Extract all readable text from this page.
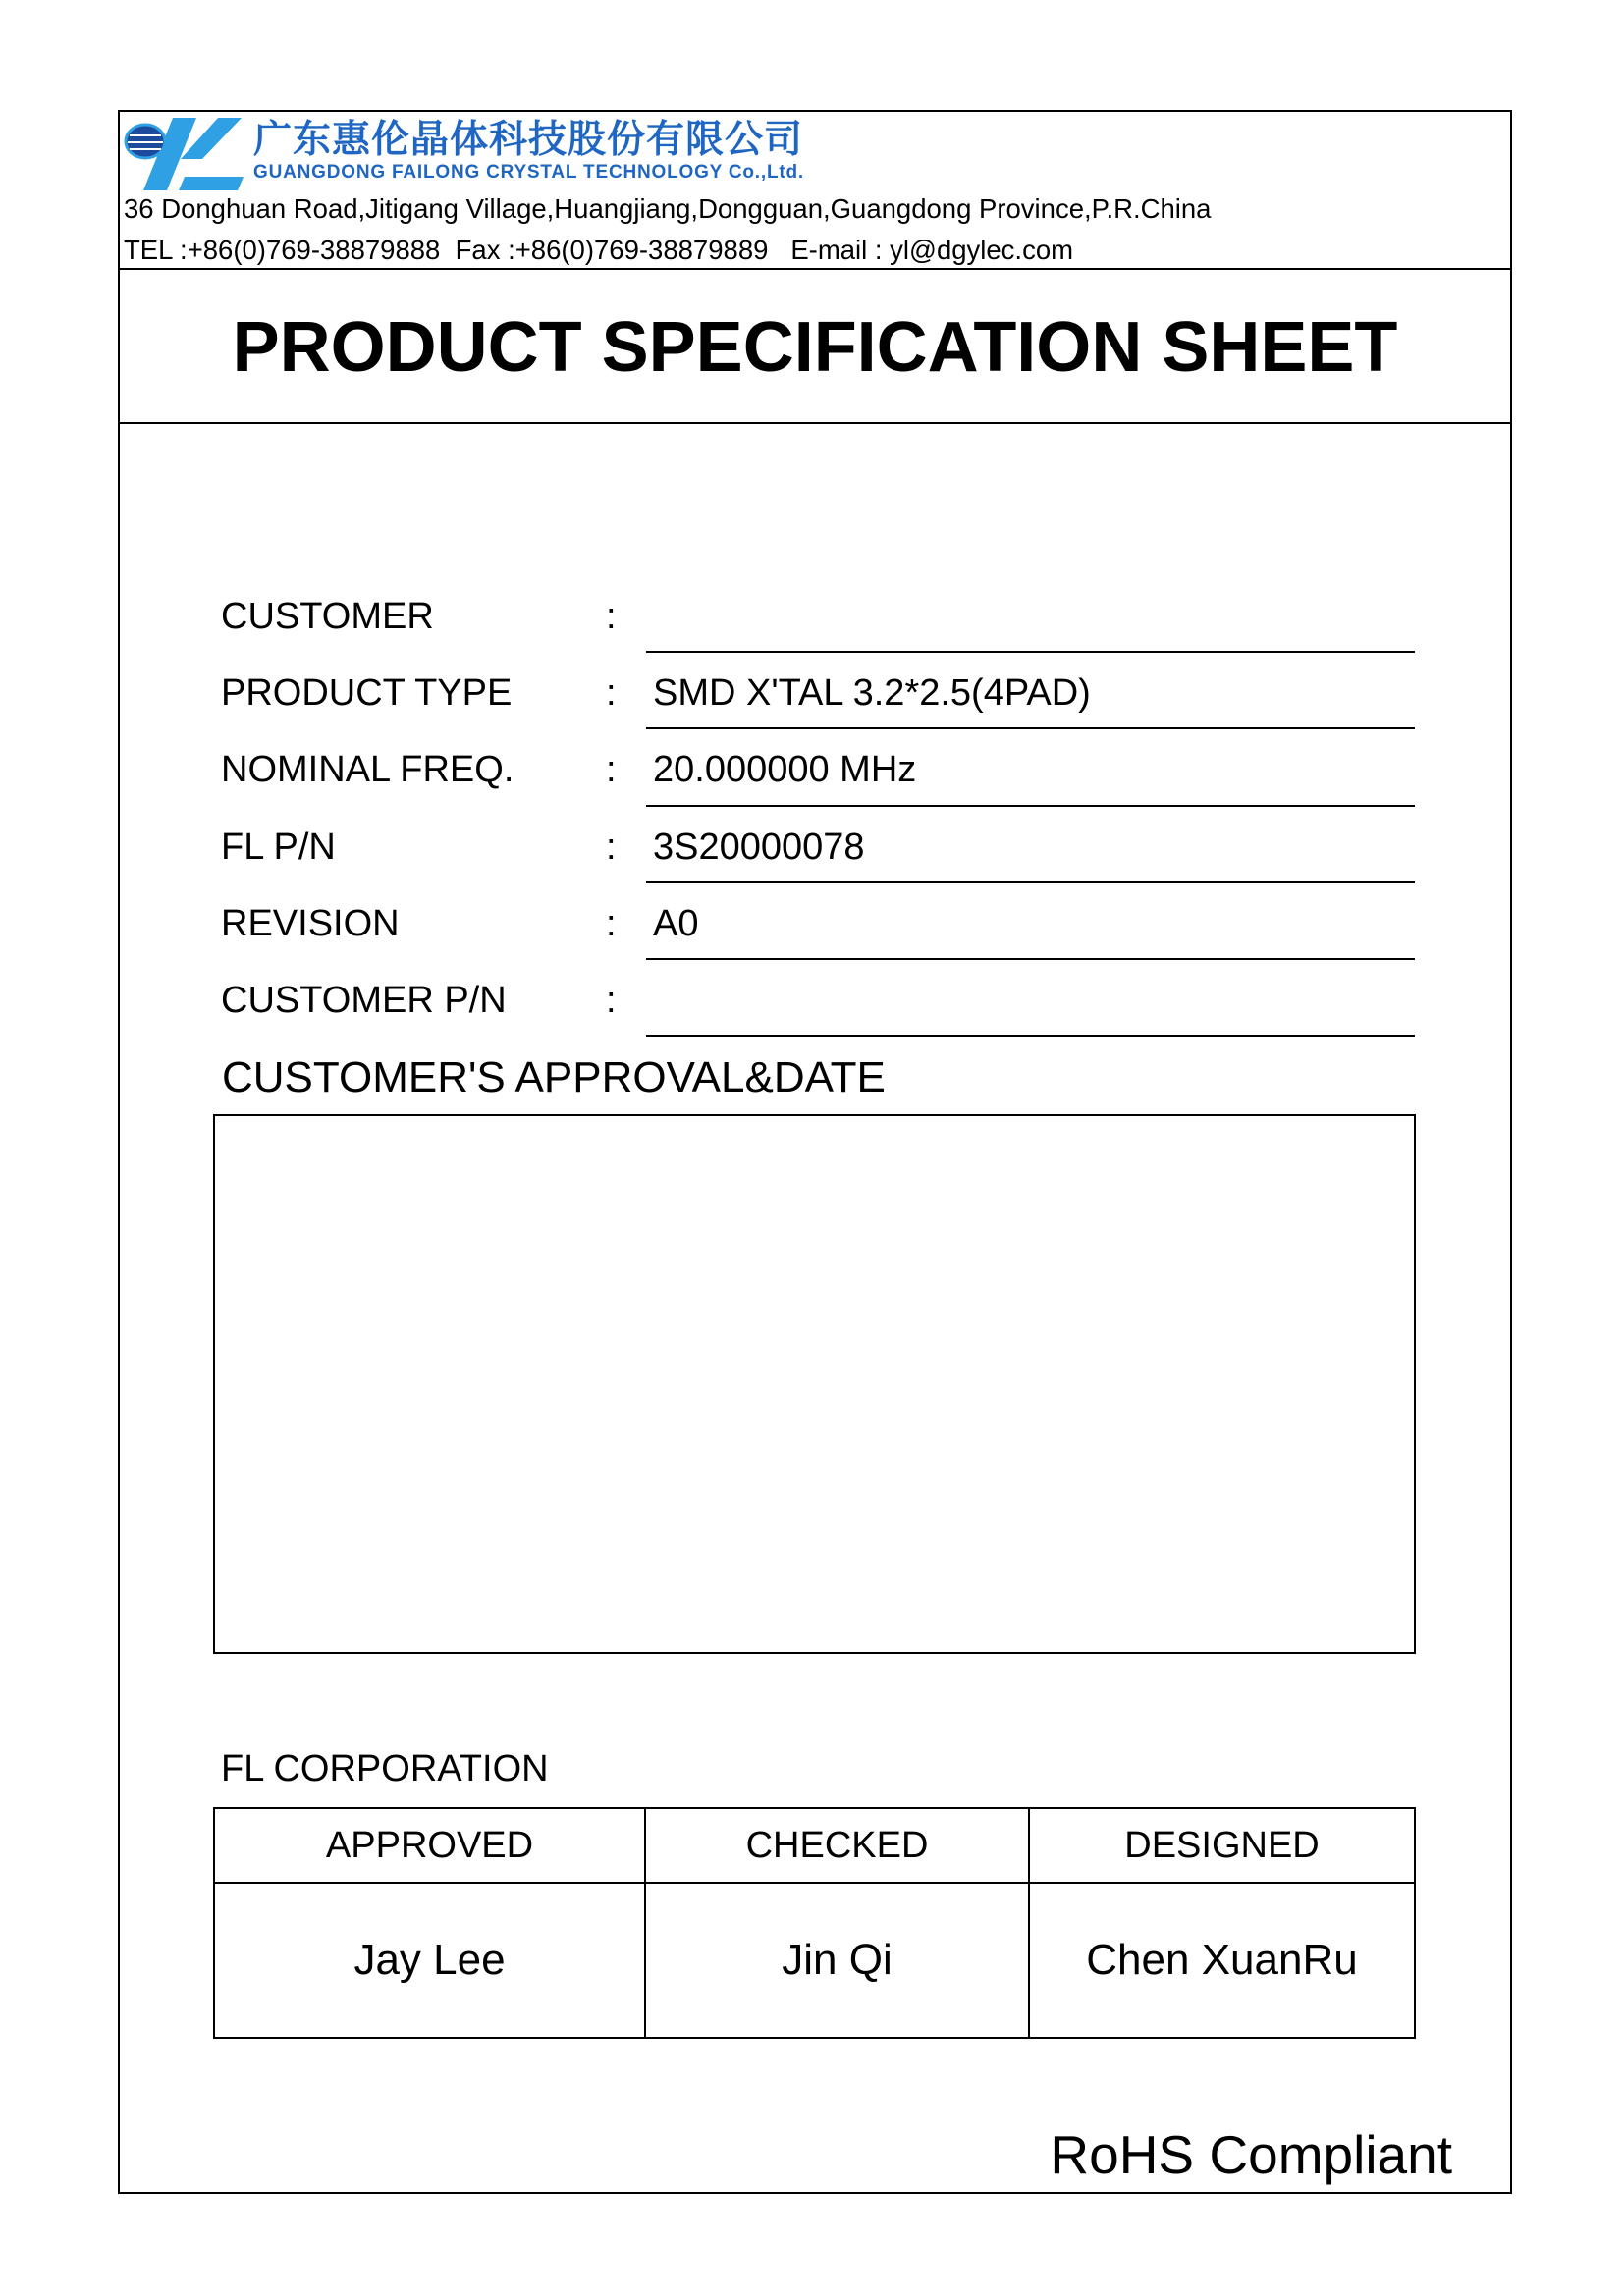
广东惠伦晶体科技股份有限公司
GUANGDONG FAILONG CRYSTAL TECHNOLOGY Co.,Ltd.
36 Donghuan Road,Jitigang Village,Huangjiang,Dongguan,Guangdong Province,P.R.China
TEL :+86(0)769-38879888  Fax :+86(0)769-38879889   E-mail : yl@dgylec.com
PRODUCT SPECIFICATION SHEET
CUSTOMER	:
PRODUCT TYPE	: SMD X'TAL 3.2*2.5(4PAD)
NOMINAL FREQ. : 20.000000 MHz
FL P/N	: 3S20000078
REVISION	: A0
CUSTOMER P/N	:
CUSTOMER'S APPROVAL&DATE
FL CORPORATION
APPROVED	CHECKED	DESIGNED
Jay Lee	Jin Qi	Chen XuanRu
RoHS Compliant
